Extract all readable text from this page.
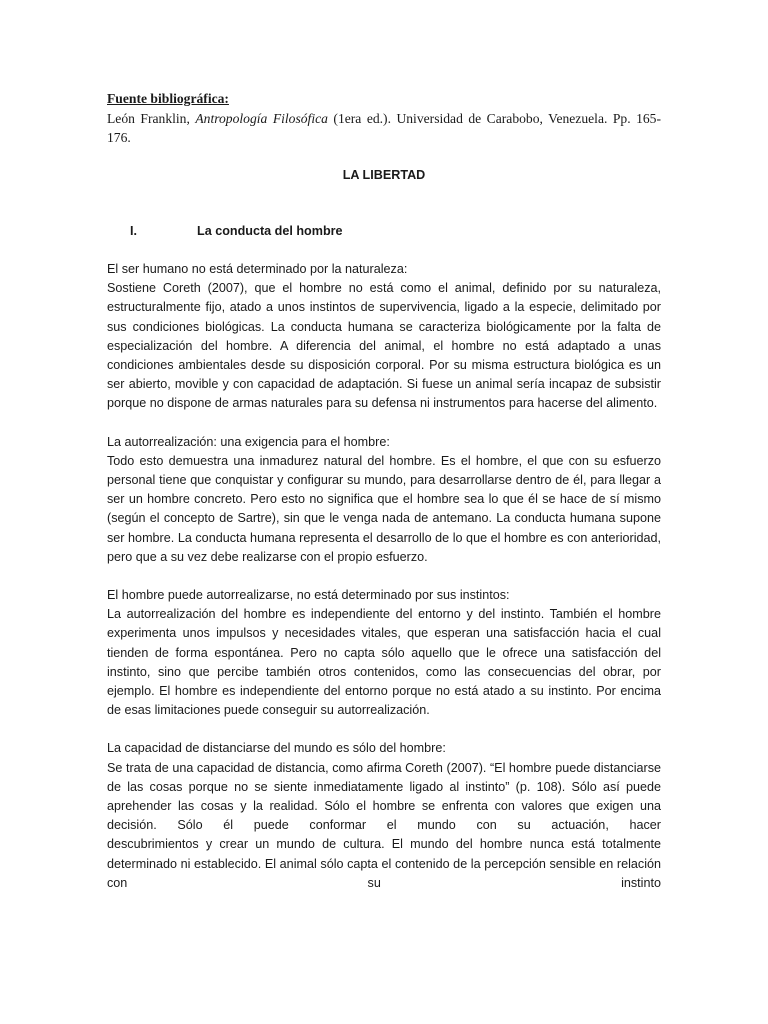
Fuente bibliográfica:
León Franklin, Antropología Filosófica (1era ed.). Universidad de Carabobo, Venezuela. Pp. 165-176.
LA LIBERTAD
I.	La conducta del hombre

El ser humano no está determinado por la naturaleza:

Sostiene Coreth (2007), que el hombre no está como el animal, definido por su naturaleza, estructuralmente fijo, atado a unos instintos de supervivencia, ligado a la especie, delimitado por sus condiciones biológicas. La conducta humana se caracteriza biológicamente por la falta de especialización del hombre. A diferencia del animal, el hombre no está adaptado a unas condiciones ambientales desde su disposición corporal. Por su misma estructura biológica es un ser abierto, movible y con capacidad de adaptación. Si fuese un animal sería incapaz de subsistir porque no dispone de armas naturales para su defensa ni instrumentos para hacerse del alimento.

La autorrealización: una exigencia para el hombre:

Todo esto demuestra una inmadurez natural del hombre. Es el hombre, el que con su esfuerzo personal tiene que conquistar y configurar su mundo, para desarrollarse dentro de él, para llegar a ser un hombre concreto. Pero esto no significa que el hombre sea lo que él se hace de sí mismo (según el concepto de Sartre), sin que le venga nada de antemano. La conducta humana supone ser hombre. La conducta humana representa el desarrollo de lo que el hombre es con anterioridad, pero que a su vez debe realizarse con el propio esfuerzo.

El hombre puede autorrealizarse, no está determinado por sus instintos:

La autorrealización del hombre es independiente del entorno y del instinto. También el hombre experimenta unos impulsos y necesidades vitales, que esperan una satisfacción hacia el cual tienden de forma espontánea. Pero no capta sólo aquello que le ofrece una satisfacción del instinto, sino que percibe también otros contenidos, como las consecuencias del obrar, por ejemplo. El hombre es independiente del entorno porque no está atado a su instinto. Por encima de esas limitaciones puede conseguir su autorrealización.

La capacidad de distanciarse del mundo es sólo del hombre:

Se trata de una capacidad de distancia, como afirma Coreth (2007). “El hombre puede distanciarse de las cosas porque no se siente inmediatamente ligado al instinto” (p. 108). Sólo así puede aprehender las cosas y la realidad. Sólo el hombre se enfrenta con valores que exigen una decisión. Sólo él puede conformar el mundo con su actuación, hacer

descubrimientos y crear un mundo de cultura. El mundo del hombre nunca está totalmente determinado ni establecido. El animal sólo capta el contenido de la percepción sensible en relación con su instinto
